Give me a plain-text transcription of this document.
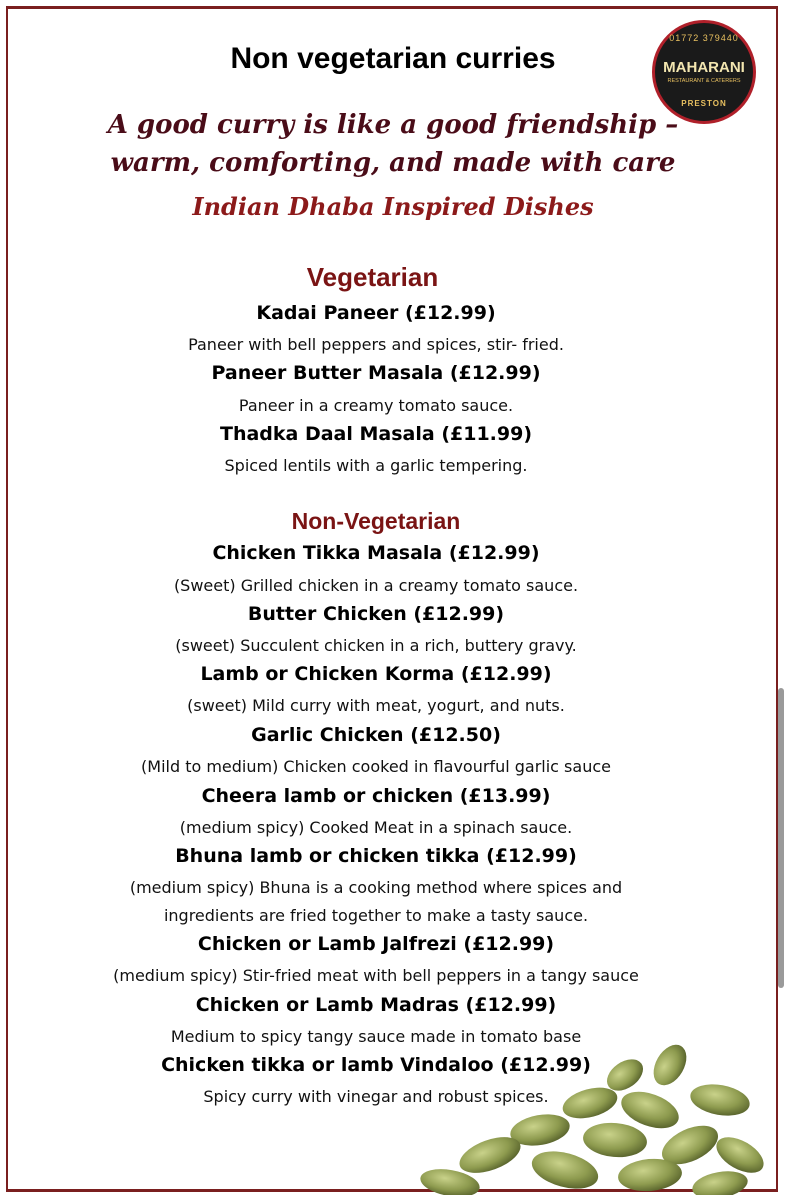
Non vegetarian curries
01772 379440
MAHARANI
RESTAURANT & CATERERS
PRESTON
A good curry is like a good friendship –
warm, comforting, and made with care
Indian Dhaba Inspired Dishes
Vegetarian
Kadai Paneer (£12.99)
Paneer with bell peppers and spices, stir- fried.
Paneer Butter Masala (£12.99)
Paneer in a creamy tomato sauce.
Thadka Daal Masala (£11.99)
Spiced lentils with a garlic tempering.
Non-Vegetarian
Chicken Tikka Masala (£12.99)
(Sweet) Grilled chicken in a creamy tomato sauce.
Butter Chicken (£12.99)
(sweet) Succulent chicken in a rich, buttery gravy.
Lamb or Chicken Korma (£12.99)
(sweet) Mild curry with meat, yogurt, and nuts.
Garlic Chicken (£12.50)
(Mild to medium) Chicken cooked in flavourful garlic sauce
Cheera lamb or chicken (£13.99)
(medium spicy) Cooked Meat in a spinach sauce.
Bhuna lamb or chicken tikka (£12.99)
(medium spicy) Bhuna is a cooking method where spices and
ingredients are fried together to make a tasty sauce.
Chicken or Lamb Jalfrezi (£12.99)
(medium spicy) Stir-fried meat with bell peppers in a tangy sauce
Chicken or Lamb Madras (£12.99)
Medium to spicy tangy sauce made in tomato base
Chicken tikka or lamb Vindaloo (£12.99)
Spicy curry with vinegar and robust spices.
